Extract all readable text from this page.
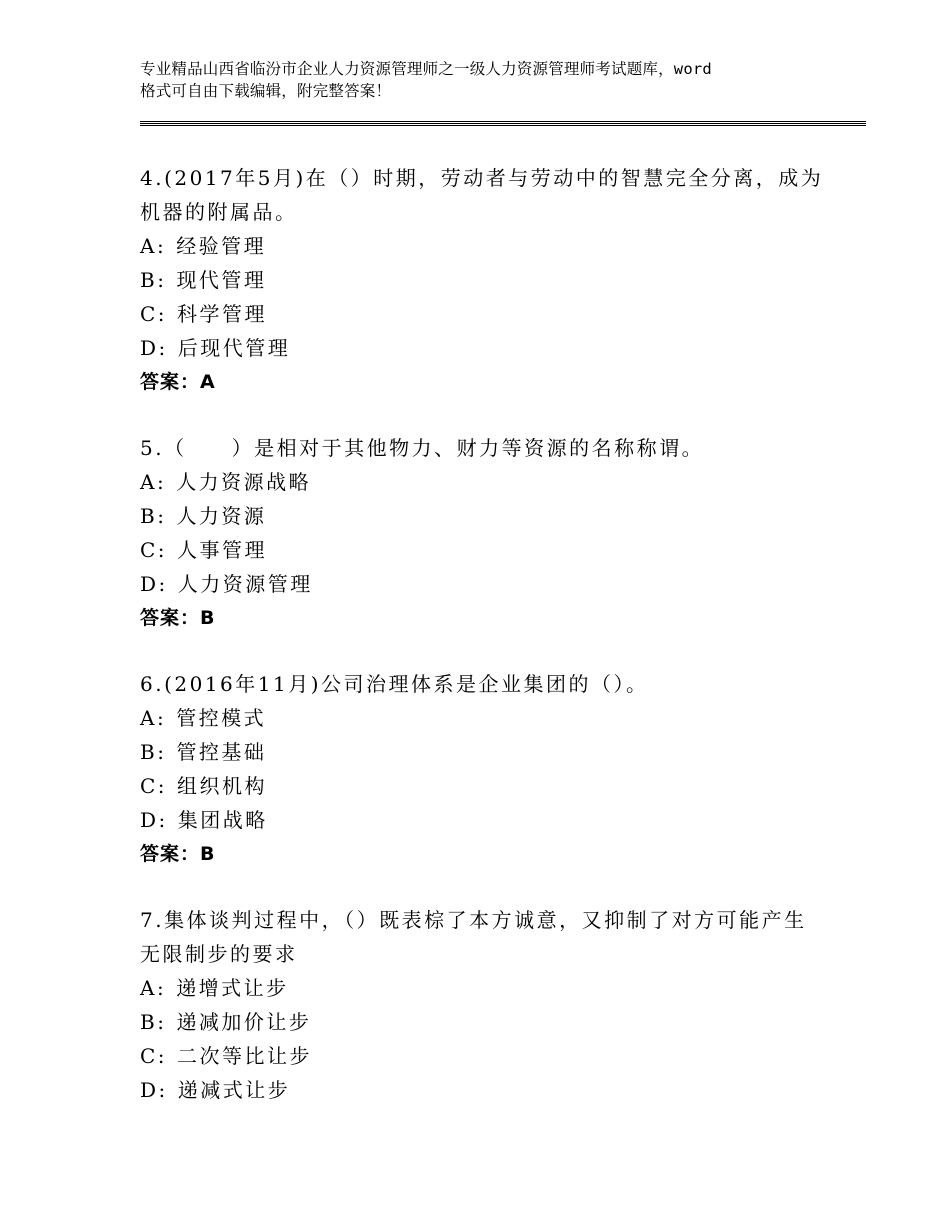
专业精品山西省临汾市企业人力资源管理师之一级人力资源管理师考试题库，word
格式可自由下载编辑，附完整答案！
4.(2017年5月)在（）时期，劳动者与劳动中的智慧完全分离，成为
机器的附属品。
A: 经验管理
B: 现代管理
C: 科学管理
D: 后现代管理
答案：A
5.（　　）是相对于其他物力、财力等资源的名称称谓。
A: 人力资源战略
B: 人力资源
C: 人事管理
D: 人力资源管理
答案：B
6.(2016年11月)公司治理体系是企业集团的（）。
A: 管控模式
B: 管控基础
C: 组织机构
D: 集团战略
答案：B
7.集体谈判过程中，（）既表棕了本方诚意，又抑制了对方可能产生
无限制步的要求
A: 递增式让步
B: 递减加价让步
C: 二次等比让步
D: 递减式让步
